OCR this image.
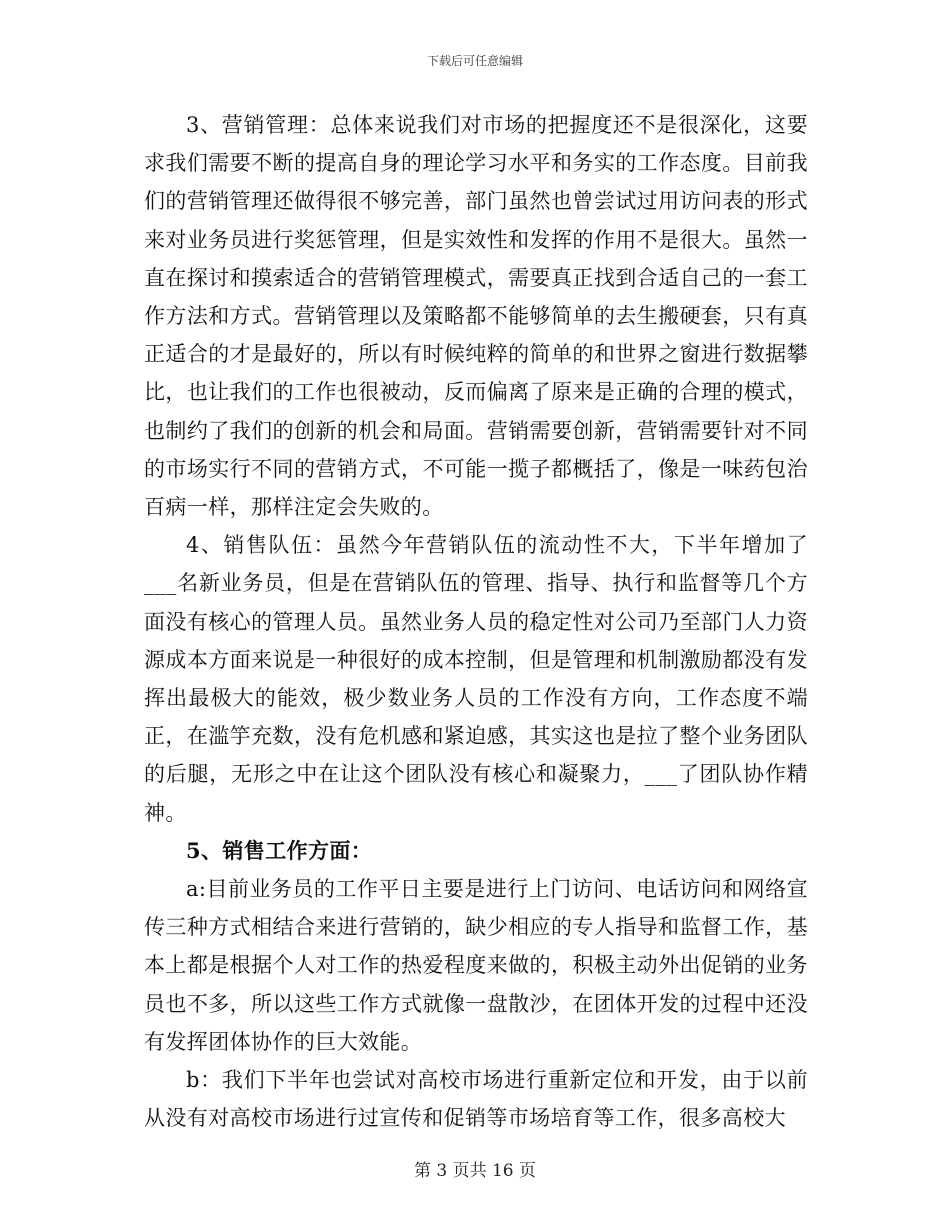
下载后可任意编辑

3、营销管理：总体来说我们对市场的把握度还不是很深化，这要求我们需要不断的提高自身的理论学习水平和务实的工作态度。目前我们的营销管理还做得很不够完善，部门虽然也曾尝试过用访问表的形式来对业务员进行奖惩管理，但是实效性和发挥的作用不是很大。虽然一直在探讨和摸索适合的营销管理模式，需要真正找到合适自己的一套工作方法和方式。营销管理以及策略都不能够简单的去生搬硬套，只有真正适合的才是最好的，所以有时候纯粹的简单的和世界之窗进行数据攀比，也让我们的工作也很被动，反而偏离了原来是正确的合理的模式，也制约了我们的创新的机会和局面。营销需要创新，营销需要针对不同的市场实行不同的营销方式，不可能一揽子都概括了，像是一味药包治百病一样，那样注定会失败的。

4、销售队伍：虽然今年营销队伍的流动性不大，下半年增加了___名新业务员，但是在营销队伍的管理、指导、执行和监督等几个方面没有核心的管理人员。虽然业务人员的稳定性对公司乃至部门人力资源成本方面来说是一种很好的成本控制，但是管理和机制激励都没有发挥出最极大的能效，极少数业务人员的工作没有方向，工作态度不端正，在滥竽充数，没有危机感和紧迫感，其实这也是拉了整个业务团队的后腿，无形之中在让这个团队没有核心和凝聚力，___了团队协作精神。

5、销售工作方面：

a:目前业务员的工作平日主要是进行上门访问、电话访问和网络宣传三种方式相结合来进行营销的，缺少相应的专人指导和监督工作，基本上都是根据个人对工作的热爱程度来做的，积极主动外出促销的业务员也不多，所以这些工作方式就像一盘散沙，在团体开发的过程中还没有发挥团体协作的巨大效能。

b：我们下半年也尝试对高校市场进行重新定位和开发，由于以前从没有对高校市场进行过宣传和促销等市场培育等工作，很多高校大

第 3 页共 16 页
